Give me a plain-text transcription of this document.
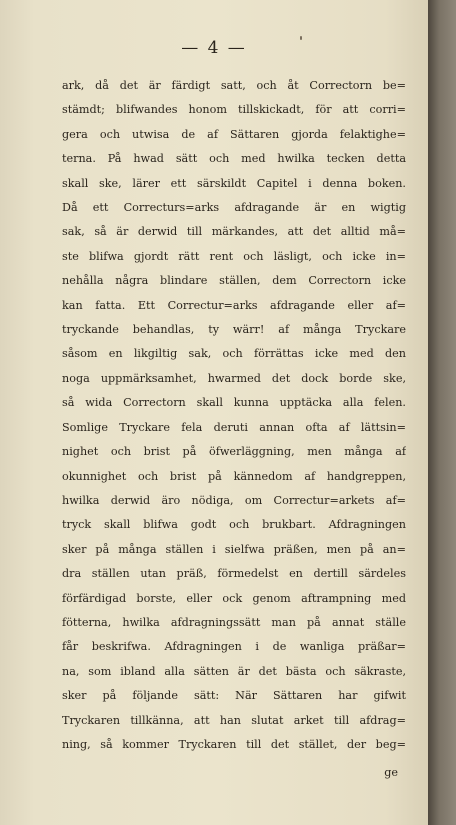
— 4 —
ark, då det är färdigt satt, och åt Correctorn be=
stämdt; blifwandes honom tillskickadt, för att corri=
gera och utwisa de af Sättaren gjorda felaktighe=
terna. På hwad sätt och med hwilka tecken detta
skall ske, lärer ett särskildt Capitel i denna boken.
Då ett Correcturs=arks afdragande är en wigtig
sak, så är derwid till märkandes, att det alltid må=
ste blifwa gjordt rätt rent och läsligt, och icke in=
nehålla några blindare ställen, dem Correctorn icke
kan fatta. Ett Correctur=arks afdragande eller af=
tryckande behandlas, ty wärr! af många Tryckare
såsom en likgiltig sak, och förrättas icke med den
noga uppmärksamhet, hwarmed det dock borde ske,
så wida Correctorn skall kunna upptäcka alla felen.
Somlige Tryckare fela deruti annan ofta af lättsin=
nighet och brist på öfwerläggning, men många af
okunnighet och brist på kännedom af handgreppen,
hwilka derwid äro nödiga, om Correctur=arkets af=
tryck skall blifwa godt och brukbart. Afdragningen
sker på många ställen i sielfwa präßen, men på an=
dra ställen utan präß, förmedelst en dertill särdeles
förfärdigad borste, eller ock genom aftrampning med
fötterna, hwilka afdragningssätt man på annat ställe
får beskrifwa. Afdragningen i de wanliga präßar=
na, som ibland alla sätten är det bästa och säkraste,
sker på följande sätt: När Sättaren har gifwit
Tryckaren tillkänna, att han slutat arket till afdrag=
ning, så kommer Tryckaren till det stället, der beg=
ge
